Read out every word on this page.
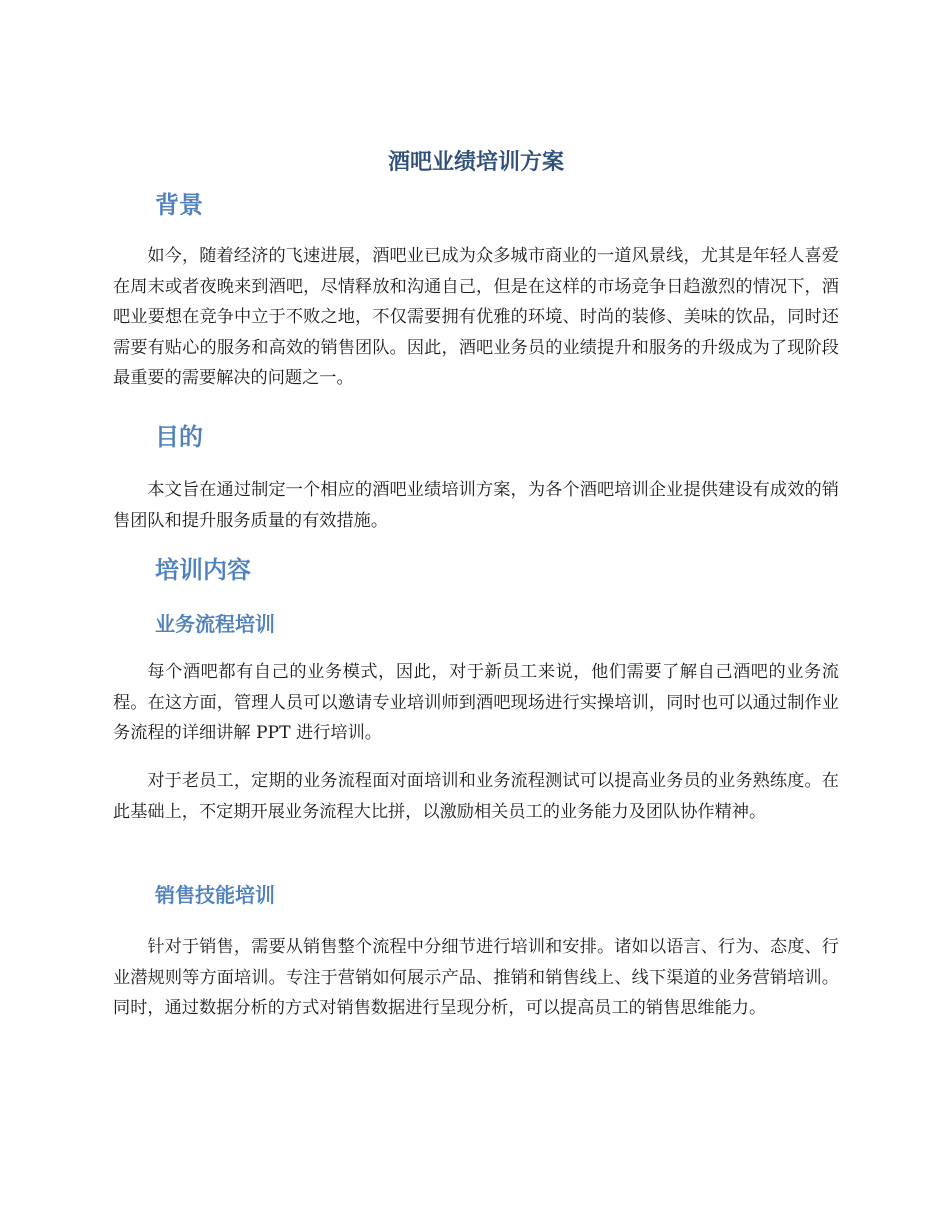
酒吧业绩培训方案
背景

如今，随着经济的飞速进展，酒吧业已成为众多城市商业的一道风景线，尤其是年轻人喜爱在周末或者夜晚来到酒吧，尽情释放和沟通自己，但是在这样的市场竞争日趋激烈的情况下，酒吧业要想在竞争中立于不败之地，不仅需要拥有优雅的环境、时尚的装修、美味的饮品，同时还需要有贴心的服务和高效的销售团队。因此，酒吧业务员的业绩提升和服务的升级成为了现阶段最重要的需要解决的问题之一。

目的

本文旨在通过制定一个相应的酒吧业绩培训方案，为各个酒吧培训企业提供建设有成效的销售团队和提升服务质量的有效措施。

培训内容
业务流程培训

每个酒吧都有自己的业务模式，因此，对于新员工来说，他们需要了解自己酒吧的业务流程。在这方面，管理人员可以邀请专业培训师到酒吧现场进行实操培训，同时也可以通过制作业务流程的详细讲解 PPT 进行培训。

对于老员工，定期的业务流程面对面培训和业务流程测试可以提高业务员的业务熟练度。在此基础上，不定期开展业务流程大比拼，以激励相关员工的业务能力及团队协作精神。

销售技能培训

针对于销售，需要从销售整个流程中分细节进行培训和安排。诸如以语言、行为、态度、行业潜规则等方面培训。专注于营销如何展示产品、推销和销售线上、线下渠道的业务营销培训。同时，通过数据分析的方式对销售数据进行呈现分析，可以提高员工的销售思维能力。
